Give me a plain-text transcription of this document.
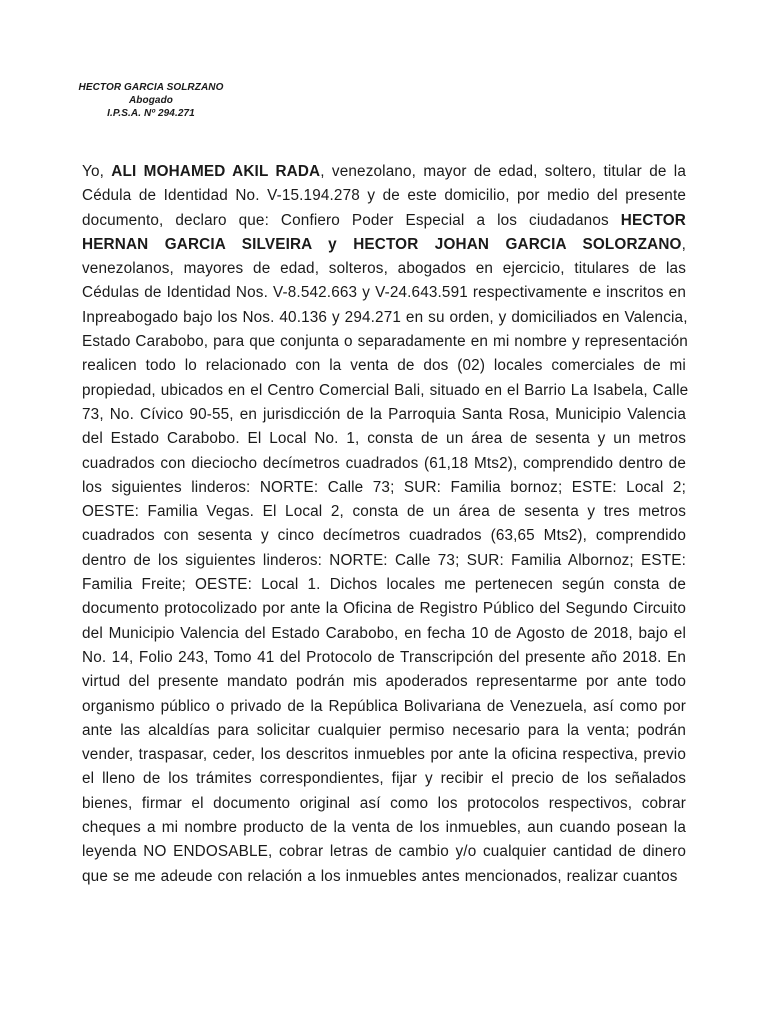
HECTOR GARCIA SOLRZANO
Abogado
I.P.S.A. Nº 294.271
Yo, ALI MOHAMED AKIL RADA, venezolano, mayor de edad, soltero, titular de la
Cédula de Identidad No. V-15.194.278 y de este domicilio, por medio del presente
documento, declaro que: Confiero Poder Especial a los ciudadanos HECTOR
HERNAN GARCIA SILVEIRA y HECTOR JOHAN GARCIA SOLORZANO,
venezolanos, mayores de edad, solteros, abogados en ejercicio, titulares de las
Cédulas de Identidad Nos. V-8.542.663 y V-24.643.591 respectivamente e inscritos en
Inpreabogado bajo los Nos. 40.136 y 294.271 en su orden, y domiciliados en Valencia,
Estado Carabobo, para que conjunta o separadamente en mi nombre y representación
realicen todo lo relacionado con la venta de dos (02) locales comerciales de mi
propiedad, ubicados en el Centro Comercial Bali, situado en el Barrio La Isabela, Calle
73, No. Cívico 90-55, en jurisdicción de la Parroquia Santa Rosa, Municipio Valencia
del Estado Carabobo. El Local No. 1, consta de un área de sesenta y un metros
cuadrados con dieciocho decímetros cuadrados (61,18 Mts2), comprendido dentro de
los siguientes linderos: NORTE: Calle 73; SUR: Familia bornoz; ESTE: Local 2;
OESTE: Familia Vegas. El Local 2, consta de un área de sesenta y tres metros
cuadrados con sesenta y cinco decímetros cuadrados (63,65 Mts2), comprendido
dentro de los siguientes linderos: NORTE: Calle 73; SUR: Familia Albornoz; ESTE:
Familia Freite; OESTE: Local 1. Dichos locales me pertenecen según consta de
documento protocolizado por ante la Oficina de Registro Público del Segundo Circuito
del Municipio Valencia del Estado Carabobo, en fecha 10 de Agosto de 2018, bajo el
No. 14, Folio 243, Tomo 41 del Protocolo de Transcripción del presente año 2018. En
virtud del presente mandato podrán mis apoderados representarme por ante todo
organismo público o privado de la República Bolivariana de Venezuela, así como por
ante las alcaldías para solicitar cualquier permiso necesario para la venta; podrán
vender, traspasar, ceder, los descritos inmuebles por ante la oficina respectiva, previo
el lleno de los trámites correspondientes, fijar y recibir el precio de los señalados
bienes, firmar el documento original así como los protocolos respectivos, cobrar
cheques a mi nombre producto de la venta de los inmuebles, aun cuando posean la
leyenda NO ENDOSABLE, cobrar letras de cambio y/o cualquier cantidad de dinero
que se me adeude con relación a los inmuebles antes mencionados, realizar cuantos
